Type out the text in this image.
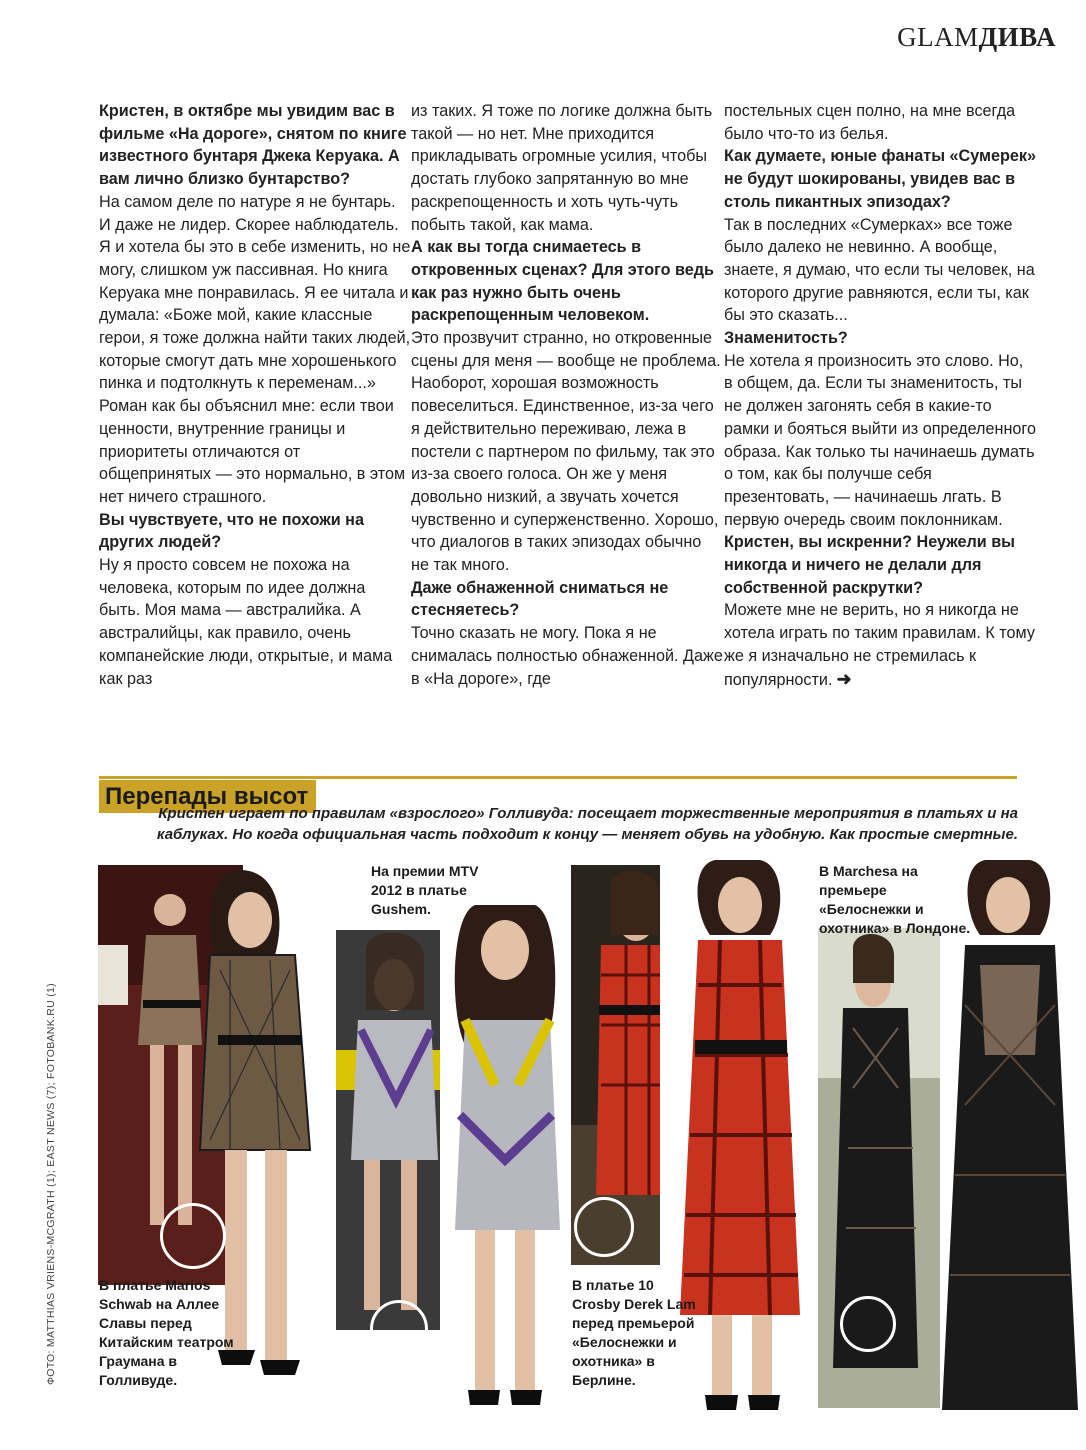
GLAMДИВА

Кристен, в октябре мы увидим вас в фильме «На дороге», снятом по книге известного бунтаря Джека Керуака. А вам лично близко бунтарство?

На самом деле по натуре я не бунтарь. И даже не лидер. Скорее наблюдатель. Я и хотела бы это в себе изменить, но не могу, слишком уж пассивная. Но книга Керуака мне понравилась. Я ее читала и думала: «Боже мой, какие классные герои, я тоже должна найти таких людей, которые смогут дать мне хорошенького пинка и подтолкнуть к переменам...» Роман как бы объяснил мне: если твои ценности, внутренние границы и приоритеты отличаются от общепринятых — это нормально, в этом нет ничего страшного.

Вы чувствуете, что не похожи на других людей?

Ну я просто совсем не похожа на человека, которым по идее должна быть. Моя мама — австралийка. А австралийцы, как правило, очень компанейские люди, открытые, и мама как раз

из таких. Я тоже по логике должна быть такой — но нет. Мне приходится прикладывать огромные усилия, чтобы достать глубоко запрятанную во мне раскрепощенность и хоть чуть-чуть побыть такой, как мама.

А как вы тогда снимаетесь в откровенных сценах? Для этого ведь как раз нужно быть очень раскрепощенным человеком.

Это прозвучит странно, но откровенные сцены для меня — вообще не проблема. Наоборот, хорошая возможность повеселиться. Единственное, из-за чего я действительно переживаю, лежа в постели с партнером по фильму, так это из-за своего голоса. Он же у меня довольно низкий, а звучать хочется чувственно и суперженственно. Хорошо, что диалогов в таких эпизодах обычно не так много.

Даже обнаженной сниматься не стесняетесь?

Точно сказать не могу. Пока я не снималась полностью обнаженной. Даже в «На дороге», где

постельных сцен полно, на мне всегда было что-то из белья.

Как думаете, юные фанаты «Сумерек» не будут шокированы, увидев вас в столь пикантных эпизодах?

Так в последних «Сумерках» все тоже было далеко не невинно. А вообще, знаете, я думаю, что если ты человек, на которого другие равняются, если ты, как бы это сказать...

Знаменитость?

Не хотела я произносить это слово. Но, в общем, да. Если ты знаменитость, ты не должен загонять себя в какие-то рамки и бояться выйти из определенного образа. Как только ты начинаешь думать о том, как бы получше себя презентовать, — начинаешь лгать. В первую очередь своим поклонникам.

Кристен, вы искренни? Неужели вы никогда и ничего не делали для собственной раскрутки?

Можете мне не верить, но я никогда не хотела играть по таким правилам. К тому же я изначально не стремилась к популярности. ➜

Перепады высот
Кристен играет по правилам «взрослого» Голливуда: посещает торжественные мероприятия в платьях и на каблуках. Но когда официальная часть подходит к концу — меняет обувь на удобную. Как простые смертные.
В платье Marios Schwab на Аллее Славы перед Китайским театром Граумана в Голливуде.
На премии MTV 2012 в платье Gushem.
В платье 10 Crosby Derek Lam перед премьерой «Белоснежки и охотника» в Берлине.
В Marchesa на премьере «Белоснежки и охотника» в Лондоне.
ФОТО: MATTHIAS VRIENS-MCGRATH (1); EAST NEWS (7); FOTOBANK.RU (1)
